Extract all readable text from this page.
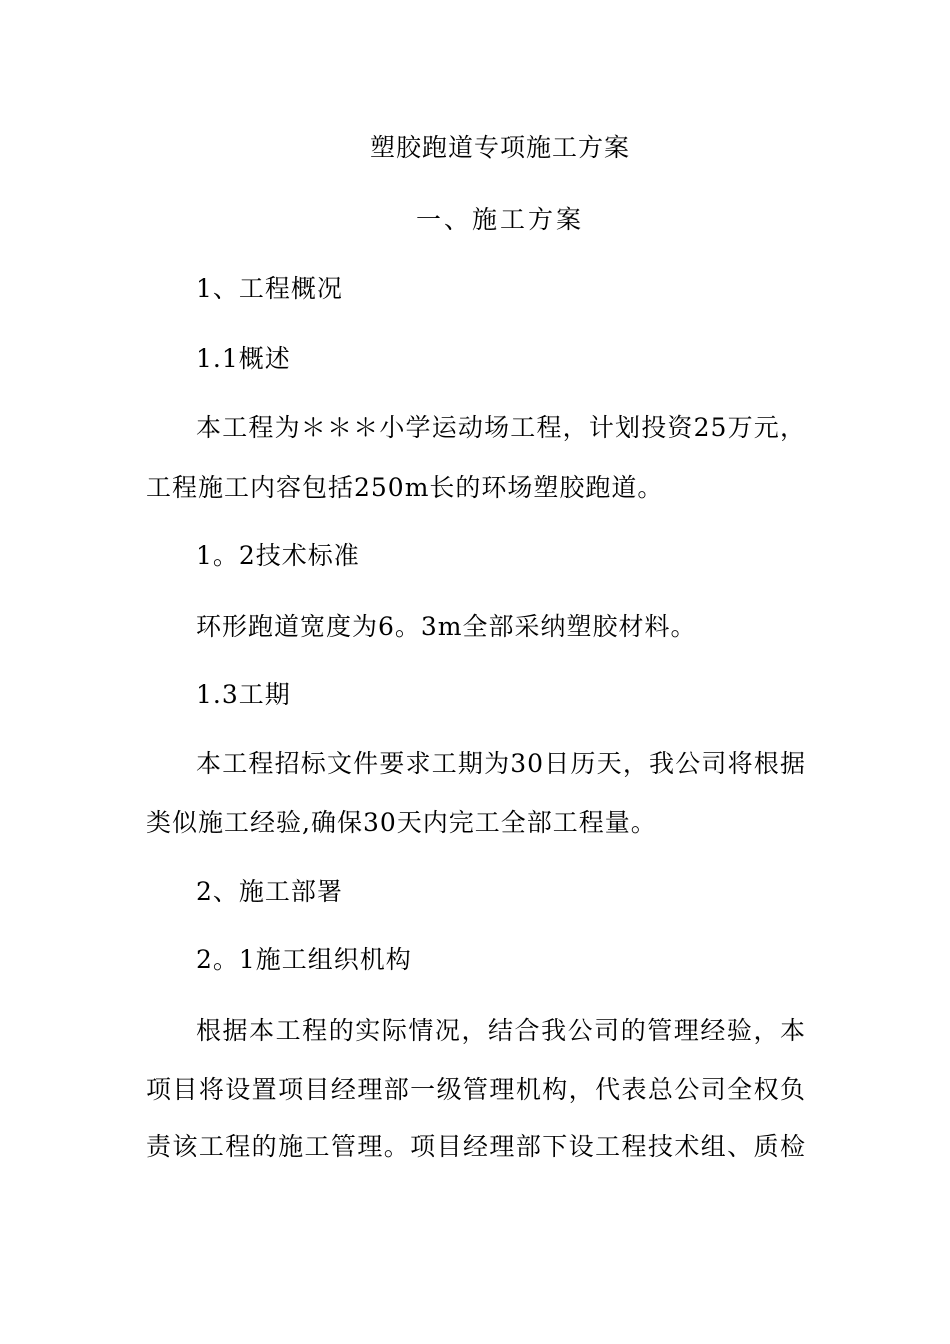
塑胶跑道专项施工方案
一、施工方案
1、工程概况
1.1概述
本工程为＊＊＊小学运动场工程，计划投资25万元，
工程施工内容包括250m长的环场塑胶跑道。
1。2技术标准
环形跑道宽度为6。3m全部采纳塑胶材料。
1.3工期
本工程招标文件要求工期为30日历天，我公司将根据
类似施工经验,确保30天内完工全部工程量。
2、施工部署
2。1施工组织机构
根据本工程的实际情况，结合我公司的管理经验，本
项目将设置项目经理部一级管理机构，代表总公司全权负
责该工程的施工管理。项目经理部下设工程技术组、质检
